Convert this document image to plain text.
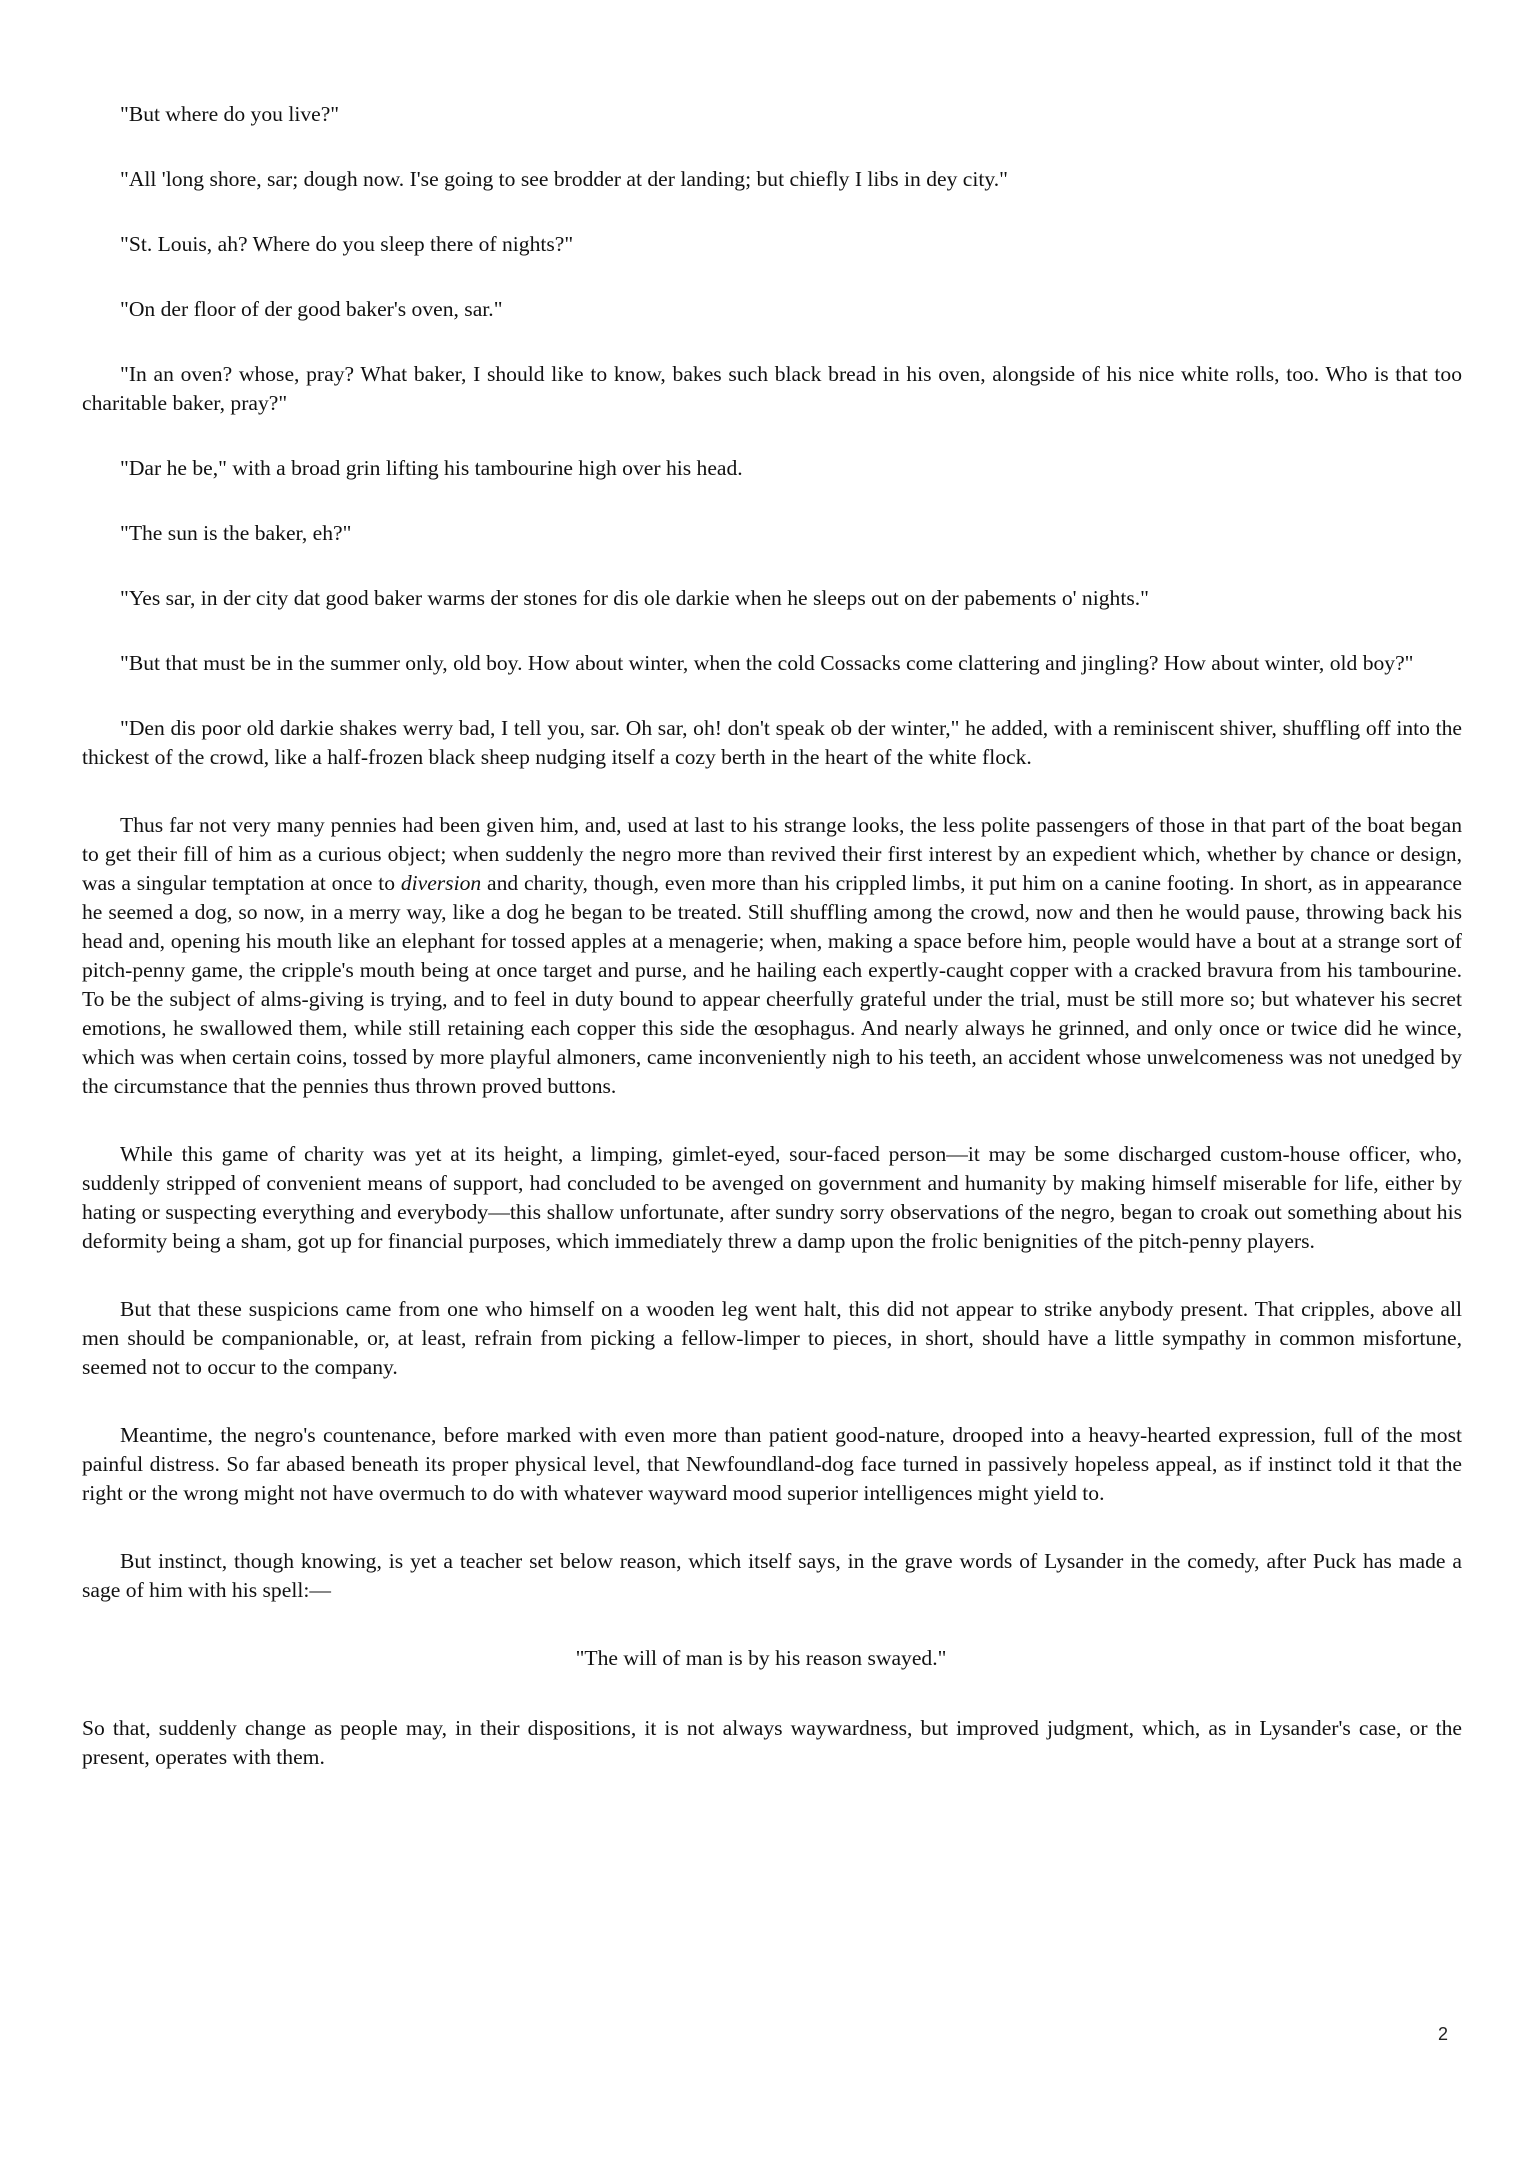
"But where do you live?"

"All 'long shore, sar; dough now. I'se going to see brodder at der landing; but chiefly I libs in dey city."

"St. Louis, ah? Where do you sleep there of nights?"

"On der floor of der good baker's oven, sar."

"In an oven? whose, pray? What baker, I should like to know, bakes such black bread in his oven, alongside of his nice white rolls, too. Who is that too charitable baker, pray?"

"Dar he be," with a broad grin lifting his tambourine high over his head.

"The sun is the baker, eh?"

"Yes sar, in der city dat good baker warms der stones for dis ole darkie when he sleeps out on der pabements o' nights."

"But that must be in the summer only, old boy. How about winter, when the cold Cossacks come clattering and jingling? How about winter, old boy?"

"Den dis poor old darkie shakes werry bad, I tell you, sar. Oh sar, oh! don't speak ob der winter," he added, with a reminiscent shiver, shuffling off into the thickest of the crowd, like a half-frozen black sheep nudging itself a cozy berth in the heart of the white flock.

Thus far not very many pennies had been given him, and, used at last to his strange looks, the less polite passengers of those in that part of the boat began to get their fill of him as a curious object; when suddenly the negro more than revived their first interest by an expedient which, whether by chance or design, was a singular temptation at once to diversion and charity, though, even more than his crippled limbs, it put him on a canine footing. In short, as in appearance he seemed a dog, so now, in a merry way, like a dog he began to be treated. Still shuffling among the crowd, now and then he would pause, throwing back his head and, opening his mouth like an elephant for tossed apples at a menagerie; when, making a space before him, people would have a bout at a strange sort of pitch-penny game, the cripple's mouth being at once target and purse, and he hailing each expertly-caught copper with a cracked bravura from his tambourine. To be the subject of alms-giving is trying, and to feel in duty bound to appear cheerfully grateful under the trial, must be still more so; but whatever his secret emotions, he swallowed them, while still retaining each copper this side the œsophagus. And nearly always he grinned, and only once or twice did he wince, which was when certain coins, tossed by more playful almoners, came inconveniently nigh to his teeth, an accident whose unwelcomeness was not unedged by the circumstance that the pennies thus thrown proved buttons.

While this game of charity was yet at its height, a limping, gimlet-eyed, sour-faced person—it may be some discharged custom-house officer, who, suddenly stripped of convenient means of support, had concluded to be avenged on government and humanity by making himself miserable for life, either by hating or suspecting everything and everybody—this shallow unfortunate, after sundry sorry observations of the negro, began to croak out something about his deformity being a sham, got up for financial purposes, which immediately threw a damp upon the frolic benignities of the pitch-penny players.

But that these suspicions came from one who himself on a wooden leg went halt, this did not appear to strike anybody present. That cripples, above all men should be companionable, or, at least, refrain from picking a fellow-limper to pieces, in short, should have a little sympathy in common misfortune, seemed not to occur to the company.

Meantime, the negro's countenance, before marked with even more than patient good-nature, drooped into a heavy-hearted expression, full of the most painful distress. So far abased beneath its proper physical level, that Newfoundland-dog face turned in passively hopeless appeal, as if instinct told it that the right or the wrong might not have overmuch to do with whatever wayward mood superior intelligences might yield to.

But instinct, though knowing, is yet a teacher set below reason, which itself says, in the grave words of Lysander in the comedy, after Puck has made a sage of him with his spell:—

"The will of man is by his reason swayed."

So that, suddenly change as people may, in their dispositions, it is not always waywardness, but improved judgment, which, as in Lysander's case, or the present, operates with them.

2
